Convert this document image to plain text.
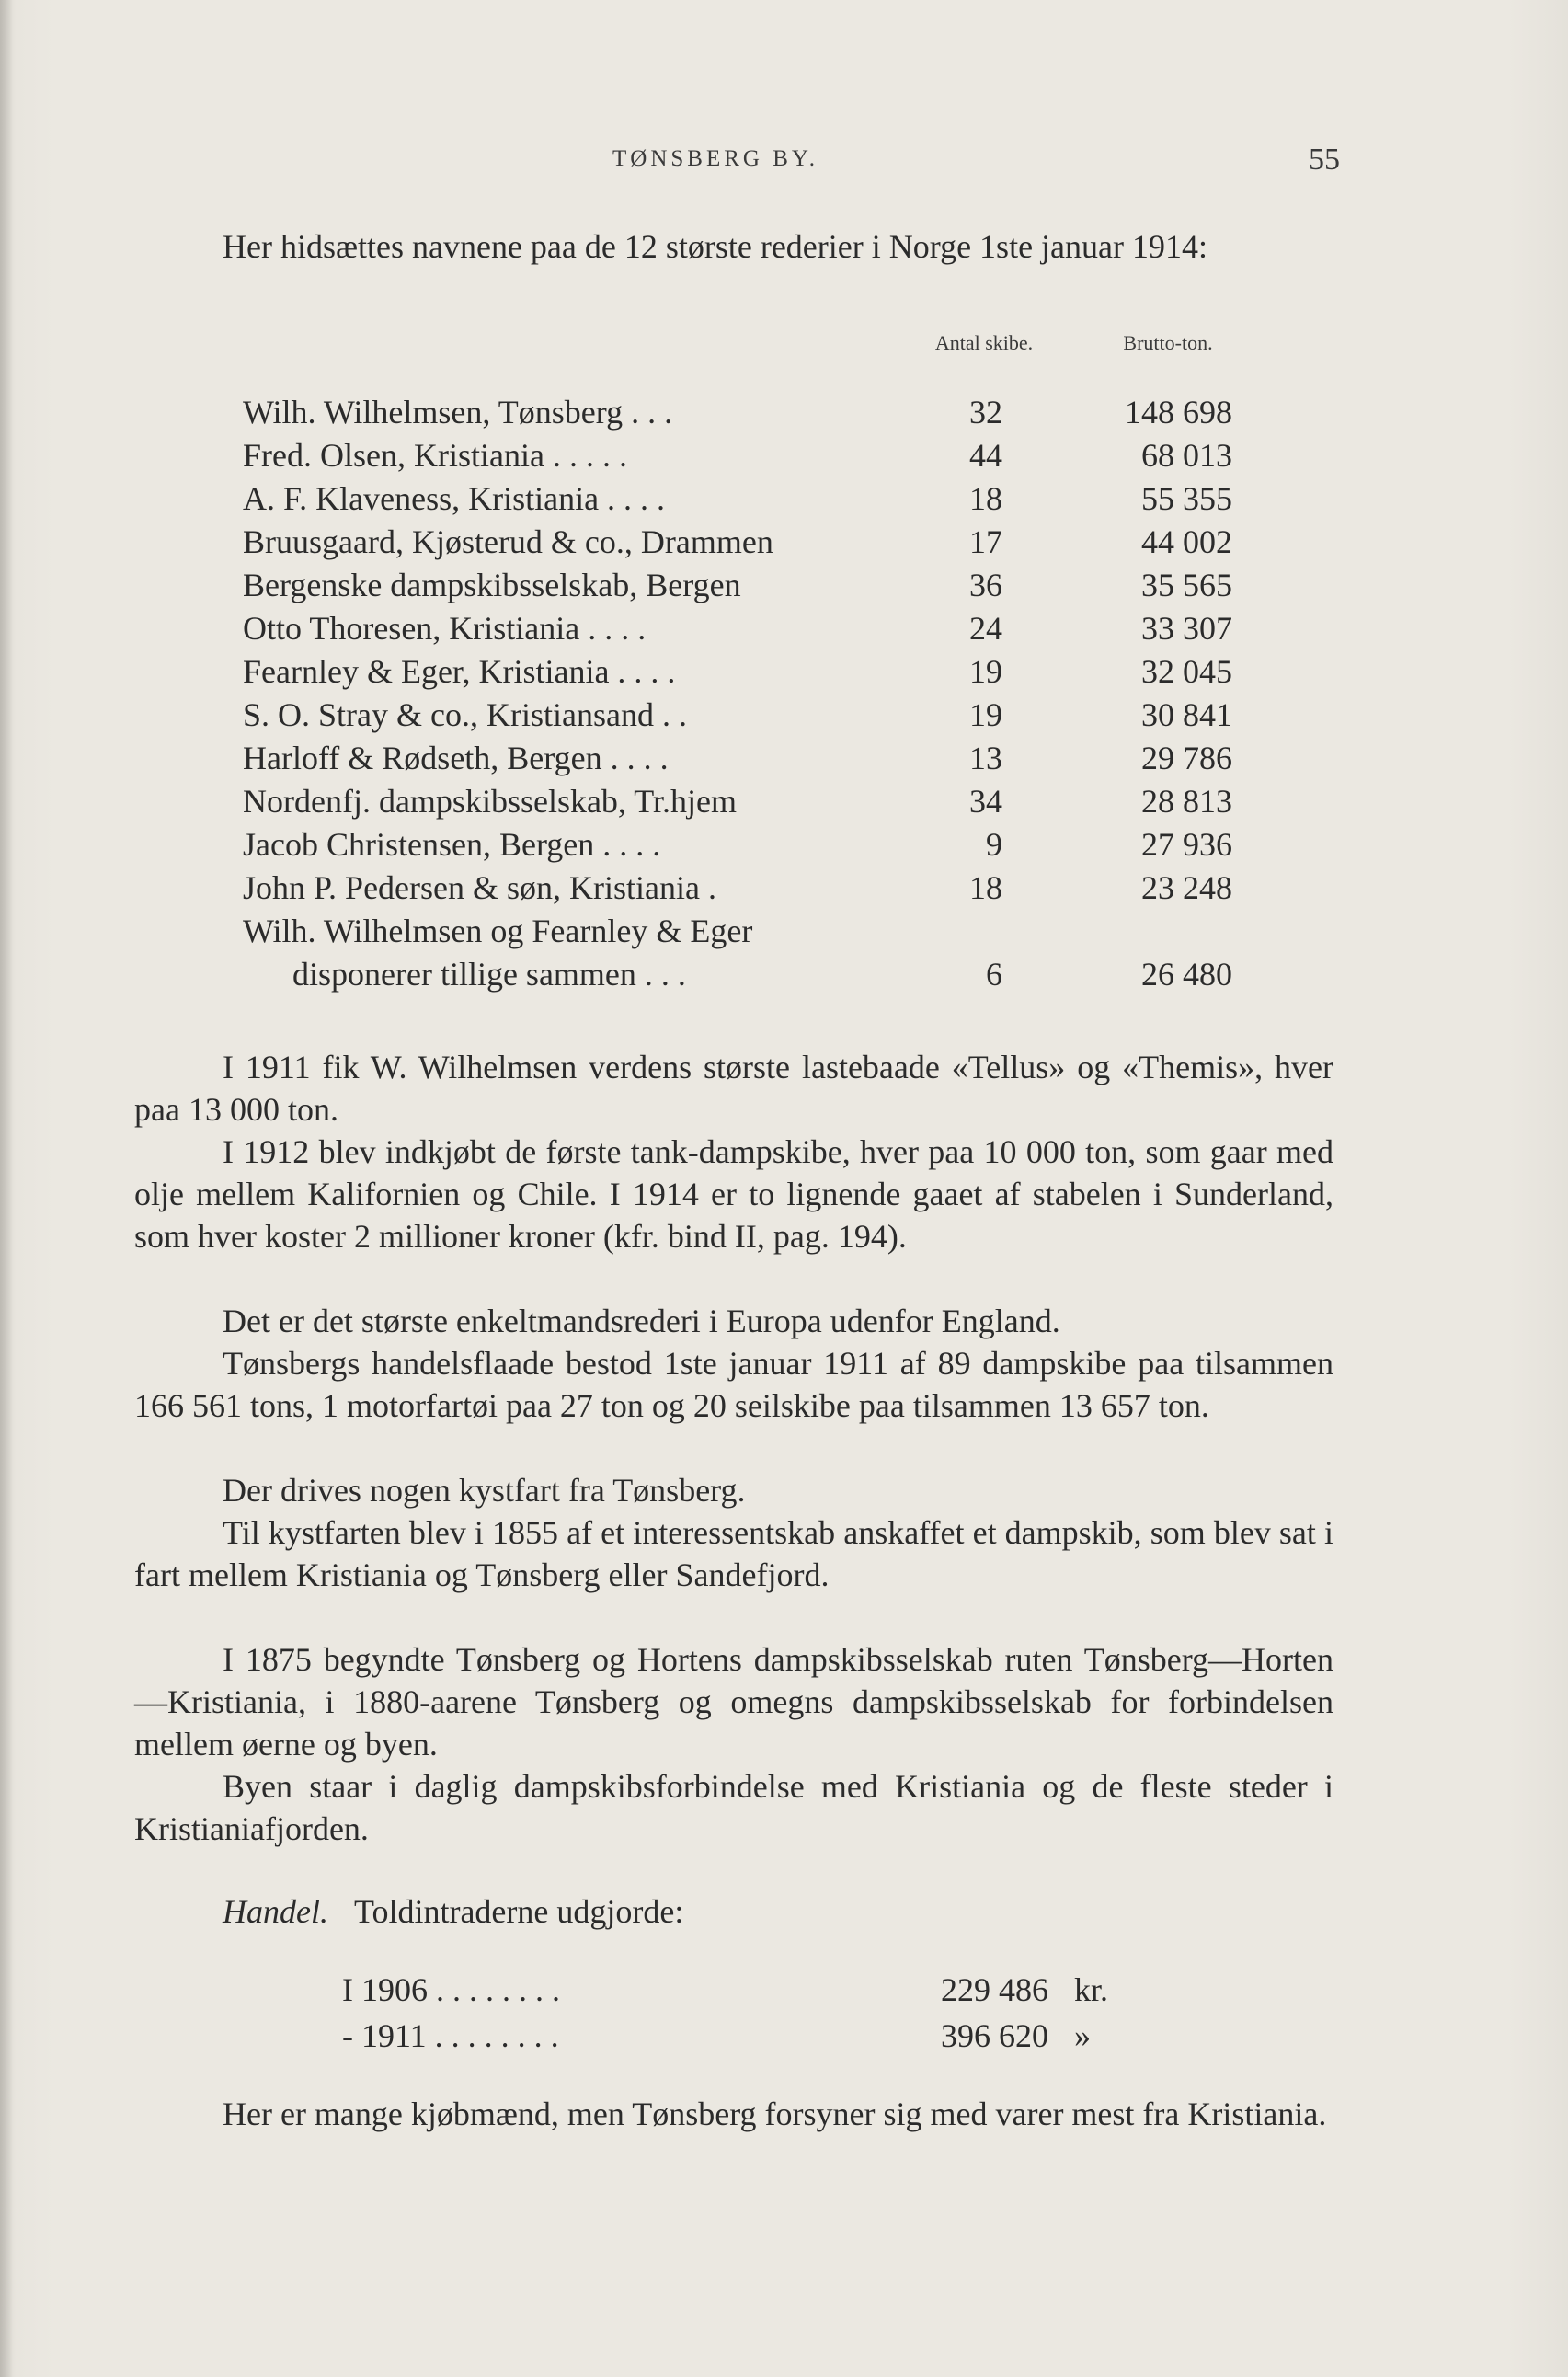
TØNSBERG BY.	55
Her hidsættes navnene paa de 12 største rederier i Norge 1ste januar 1914:
Antal skibe.	Brutto-ton.
Wilh. Wilhelmsen, Tønsberg . . .	32	148 698
Fred. Olsen, Kristiania . . . . .	44	68 013
A. F. Klaveness, Kristiania . . . .	18	55 355
Bruusgaard, Kjøsterud & co., Drammen	17	44 002
Bergenske dampskibsselskab, Bergen	36	35 565
Otto Thoresen, Kristiania . . . .	24	33 307
Fearnley & Eger, Kristiania . . . .	19	32 045
S. O. Stray & co., Kristiansand . .	19	30 841
Harloff & Rødseth, Bergen . . . .	13	29 786
Nordenfj. dampskibsselskab, Tr.hjem	34	28 813
Jacob Christensen, Bergen . . . .	9	27 936
John P. Pedersen & søn, Kristiania .	18	23 248
Wilh. Wilhelmsen og Fearnley & Eger
disponerer tillige sammen . . .	6	26 480
I 1911 fik W. Wilhelmsen verdens største lastebaade «Tellus» og «Themis», hver paa 13 000 ton.
I 1912 blev indkjøbt de første tank-dampskibe, hver paa 10 000 ton, som gaar med olje mellem Kalifornien og Chile. I 1914 er to lignende gaaet af stabelen i Sunderland, som hver koster 2 millioner kroner (kfr. bind II, pag. 194).
Det er det største enkeltmandsrederi i Europa udenfor England.
Tønsbergs handelsflaade bestod 1ste januar 1911 af 89 dampskibe paa tilsammen 166 561 tons, 1 motorfartøi paa 27 ton og 20 seilskibe paa tilsammen 13 657 ton.
Der drives nogen kystfart fra Tønsberg.
Til kystfarten blev i 1855 af et interessentskab anskaffet et dampskib, som blev sat i fart mellem Kristiania og Tønsberg eller Sandefjord.
I 1875 begyndte Tønsberg og Hortens dampskibsselskab ruten Tønsberg—Horten—Kristiania, i 1880-aarene Tønsberg og omegns dampskibsselskab for forbindelsen mellem øerne og byen.
Byen staar i daglig dampskibsforbindelse med Kristiania og de fleste steder i Kristianiafjorden.
Handel. Toldintraderne udgjorde:
I 1906 . . . . . . . .	229 486 kr.
- 1911 . . . . . . . .	396 620 »
Her er mange kjøbmænd, men Tønsberg forsyner sig med varer mest fra Kristiania.
